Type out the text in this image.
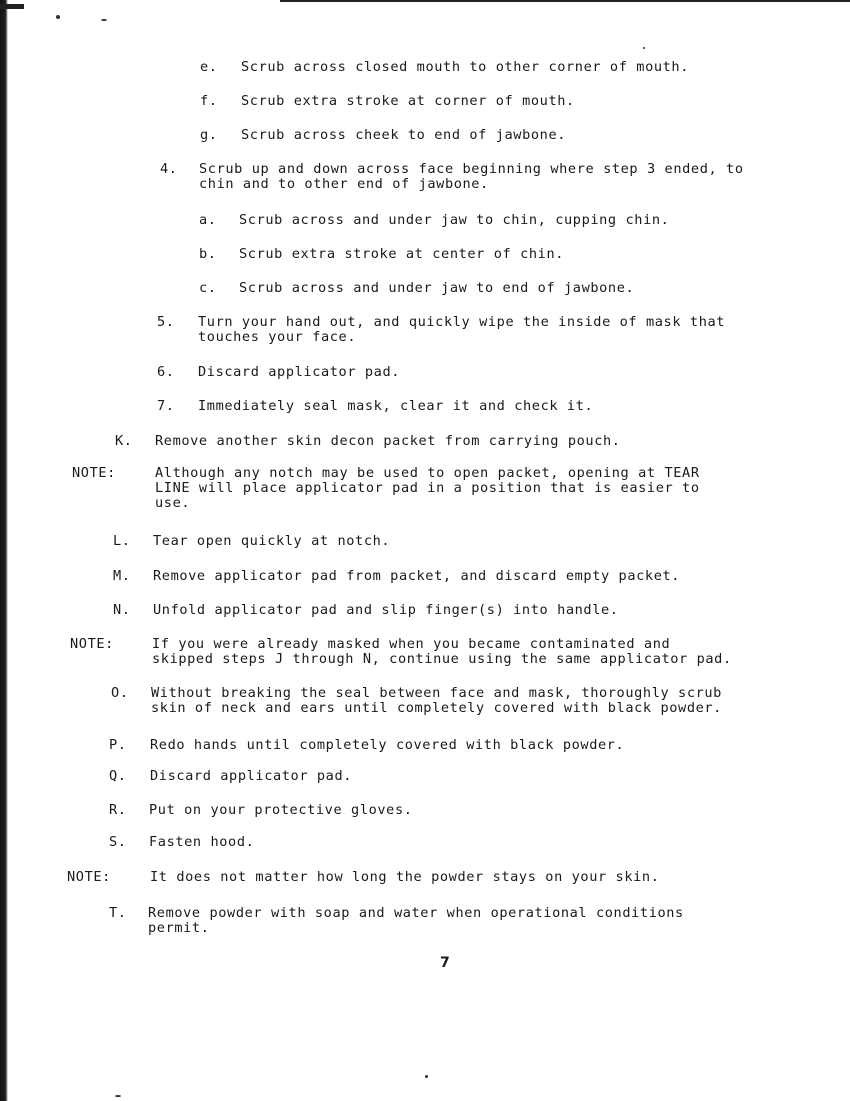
e.

Scrub across closed mouth to other corner of mouth.

f.

Scrub extra stroke at corner of mouth.

g.

Scrub across cheek to end of jawbone.

4.

Scrub up and down across face beginning where step 3 ended, to
chin and to other end of jawbone.

a.

Scrub across and under jaw to chin, cupping chin.

b.

Scrub extra stroke at center of chin.

c.

Scrub across and under jaw to end of jawbone.

5.

Turn your hand out, and quickly wipe the inside of mask that
touches your face.

6.

Discard applicator pad.

7.

Immediately seal mask, clear it and check it.

K.

Remove another skin decon packet from carrying pouch.

NOTE:

	Although any notch may be used to open packet, opening at TEAR
LINE will place applicator pad in a position that is easier to
use.

L.

Tear open quickly at notch.

M.

Remove applicator pad from packet, and discard empty packet.

N.

Unfold applicator pad and slip finger(s) into handle.

NOTE:

	If you were already masked when you became contaminated and
skipped steps J through N, continue using the same applicator pad.

O.

Without breaking the seal between face and mask, thoroughly scrub
skin of neck and ears until completely covered with black powder.

P.

Redo hands until completely covered with black powder.

Q.

Discard applicator pad.

R.

Put on your protective gloves.

S.

Fasten hood.

NOTE:

	It does not matter how long the powder stays on your skin.

T.

Remove powder with soap and water when operational conditions
permit.

7
